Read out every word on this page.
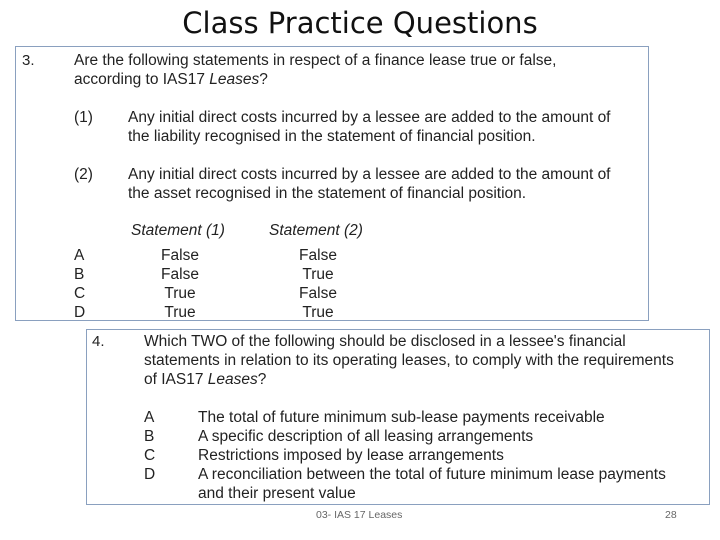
Class Practice Questions
3.	Are the following statements in respect of a finance lease true or false,
according to IAS17 Leases?
(1) Any initial direct costs incurred by a lessee are added to the amount of
the liability recognised in the statement of financial position.
(2) Any initial direct costs incurred by a lessee are added to the amount of
the asset recognised in the statement of financial position.
Statement (1)	Statement (2)
A	False	False
B	False	True
C	True	False
D	True	True
4.	Which TWO of the following should be disclosed in a lessee's financial
statements in relation to its operating leases, to comply with the requirements
of IAS17 Leases?
A	The total of future minimum sub-lease payments receivable
B	A specific description of all leasing arrangements
C	Restrictions imposed by lease arrangements
D	A reconciliation between the total of future minimum lease payments
and their present value
03- IAS 17 Leases	28
